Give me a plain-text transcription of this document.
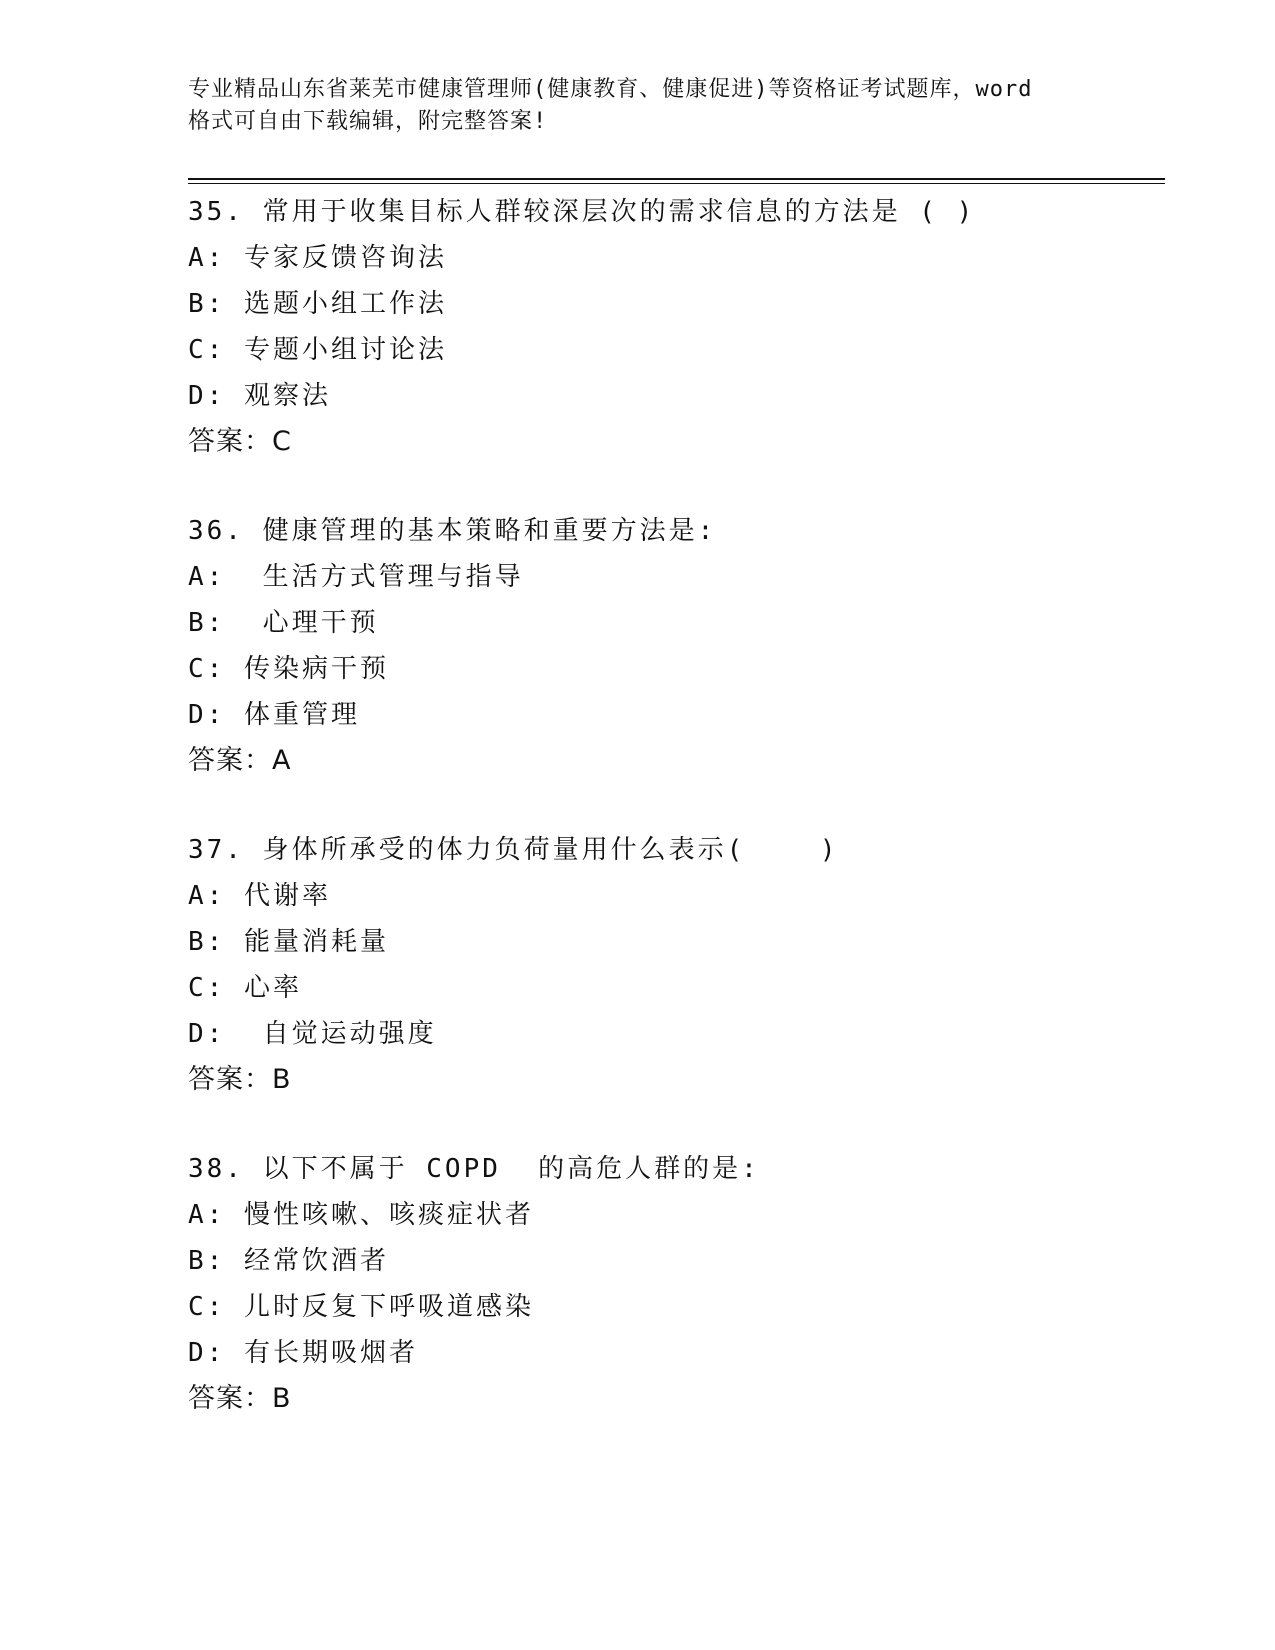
专业精品山东省莱芜市健康管理师(健康教育、健康促进)等资格证考试题库，word
格式可自由下载编辑，附完整答案!
35. 常用于收集目标人群较深层次的需求信息的方法是 ( )
A: 专家反馈咨询法
B: 选题小组工作法
C: 专题小组讨论法
D: 观察法
答案：C
36. 健康管理的基本策略和重要方法是:
A:  生活方式管理与指导
B:  心理干预
C: 传染病干预
D: 体重管理
答案：A
37. 身体所承受的体力负荷量用什么表示(    )
A: 代谢率
B: 能量消耗量
C: 心率
D:  自觉运动强度
答案：B
38. 以下不属于 COPD  的高危人群的是:
A: 慢性咳嗽、咳痰症状者
B: 经常饮酒者
C: 儿时反复下呼吸道感染
D: 有长期吸烟者
答案：B
